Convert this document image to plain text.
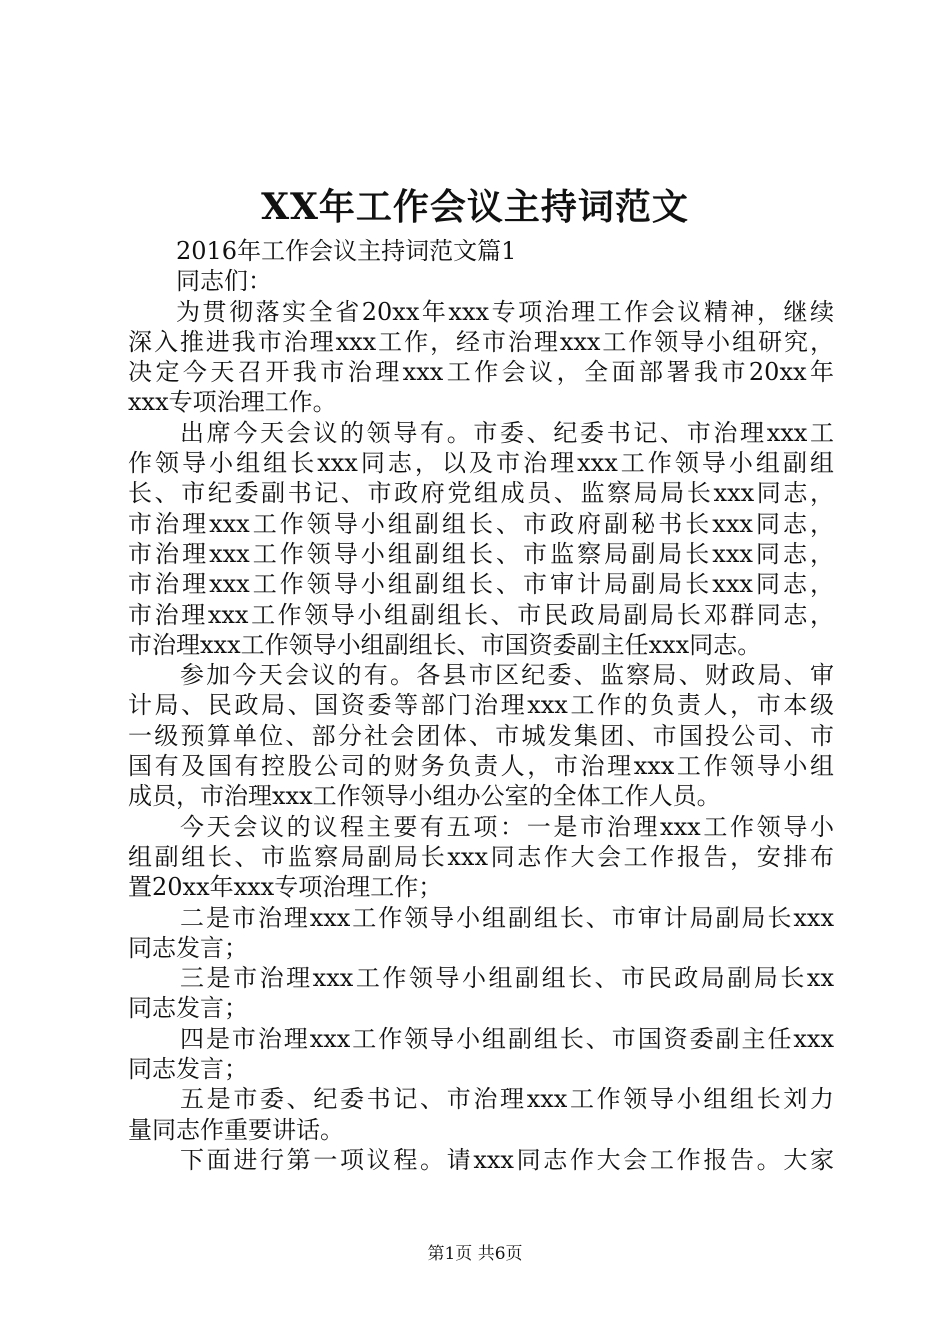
XX年工作会议主持词范文
2016年工作会议主持词范文篇1
同志们：
为贯彻落实全省20xx年xxx专项治理工作会议精神，继续
深入推进我市治理xxx工作，经市治理xxx工作领导小组研究，
决定今天召开我市治理xxx工作会议，全面部署我市20xx年
xxx专项治理工作。
出席今天会议的领导有。市委、纪委书记、市治理xxx工
作领导小组组长xxx同志，以及市治理xxx工作领导小组副组
长、市纪委副书记、市政府党组成员、监察局局长xxx同志，
市治理xxx工作领导小组副组长、市政府副秘书长xxx同志，
市治理xxx工作领导小组副组长、市监察局副局长xxx同志，
市治理xxx工作领导小组副组长、市审计局副局长xxx同志，
市治理xxx工作领导小组副组长、市民政局副局长邓群同志，
市治理xxx工作领导小组副组长、市国资委副主任xxx同志。
参加今天会议的有。各县市区纪委、监察局、财政局、审
计局、民政局、国资委等部门治理xxx工作的负责人，市本级
一级预算单位、部分社会团体、市城发集团、市国投公司、市
国有及国有控股公司的财务负责人，市治理xxx工作领导小组
成员，市治理xxx工作领导小组办公室的全体工作人员。
今天会议的议程主要有五项：一是市治理xxx工作领导小
组副组长、市监察局副局长xxx同志作大会工作报告，安排布
置20xx年xxx专项治理工作；
二是市治理xxx工作领导小组副组长、市审计局副局长xxx
同志发言；
三是市治理xxx工作领导小组副组长、市民政局副局长xx
同志发言；
四是市治理xxx工作领导小组副组长、市国资委副主任xxx
同志发言；
五是市委、纪委书记、市治理xxx工作领导小组组长刘力
量同志作重要讲话。
下面进行第一项议程。请xxx同志作大会工作报告。大家
第1页 共6页
